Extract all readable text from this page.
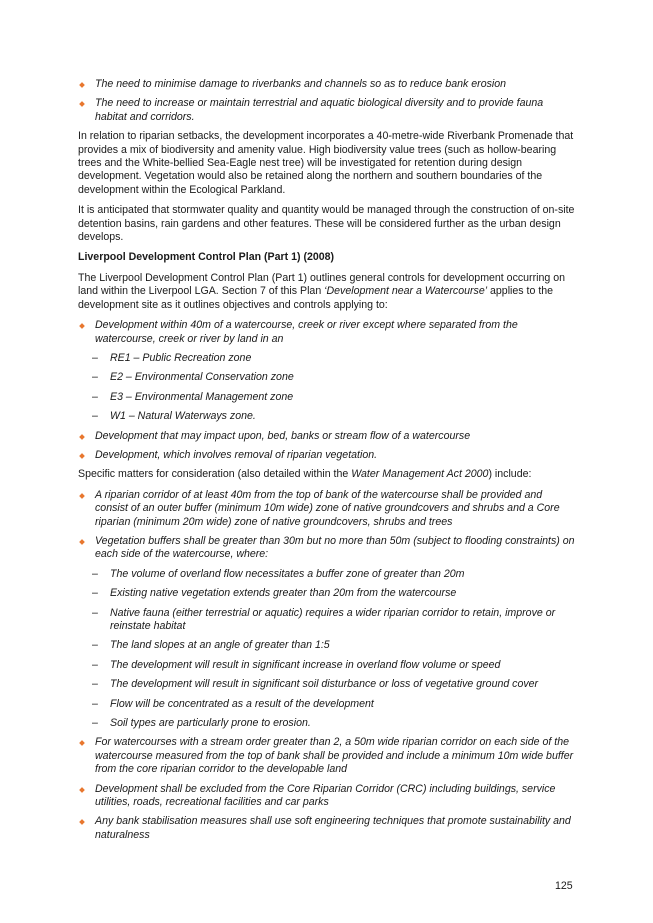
The need to minimise damage to riverbanks and channels so as to reduce bank erosion
The need to increase or maintain terrestrial and aquatic biological diversity and to provide fauna habitat and corridors.

In relation to riparian setbacks, the development incorporates a 40-metre-wide Riverbank Promenade that provides a mix of biodiversity and amenity value. High biodiversity value trees (such as hollow-bearing trees and the White-bellied Sea-Eagle nest tree) will be investigated for retention during design development. Vegetation would also be retained along the northern and southern boundaries of the development within the Ecological Parkland.

It is anticipated that stormwater quality and quantity would be managed through the construction of on-site detention basins, rain gardens and other features. These will be considered further as the urban design develops.

Liverpool Development Control Plan (Part 1) (2008)

The Liverpool Development Control Plan (Part 1) outlines general controls for development occurring on land within the Liverpool LGA. Section 7 of this Plan ‘Development near a Watercourse’ applies to the development site as it outlines objectives and controls applying to:

Development within 40m of a watercourse, creek or river except where separated from the watercourse, creek or river by land in an
– RE1 – Public Recreation zone
– E2 – Environmental Conservation zone
– E3 – Environmental Management zone
– W1 – Natural Waterways zone.
Development that may impact upon, bed, banks or stream flow of a watercourse
Development, which involves removal of riparian vegetation.

Specific matters for consideration (also detailed within the Water Management Act 2000) include:

A riparian corridor of at least 40m from the top of bank of the watercourse shall be provided and consist of an outer buffer (minimum 10m wide) zone of native groundcovers and shrubs and a Core riparian (minimum 20m wide) zone of native groundcovers, shrubs and trees
Vegetation buffers shall be greater than 30m but no more than 50m (subject to flooding constraints) on each side of the watercourse, where:
– The volume of overland flow necessitates a buffer zone of greater than 20m
– Existing native vegetation extends greater than 20m from the watercourse
– Native fauna (either terrestrial or aquatic) requires a wider riparian corridor to retain, improve or reinstate habitat
– The land slopes at an angle of greater than 1:5
– The development will result in significant increase in overland flow volume or speed
– The development will result in significant soil disturbance or loss of vegetative ground cover
– Flow will be concentrated as a result of the development
– Soil types are particularly prone to erosion.
For watercourses with a stream order greater than 2, a 50m wide riparian corridor on each side of the watercourse measured from the top of bank shall be provided and include a minimum 10m wide buffer from the core riparian corridor to the developable land
Development shall be excluded from the Core Riparian Corridor (CRC) including buildings, service utilities, roads, recreational facilities and car parks
Any bank stabilisation measures shall use soft engineering techniques that promote sustainability and naturalness
125
